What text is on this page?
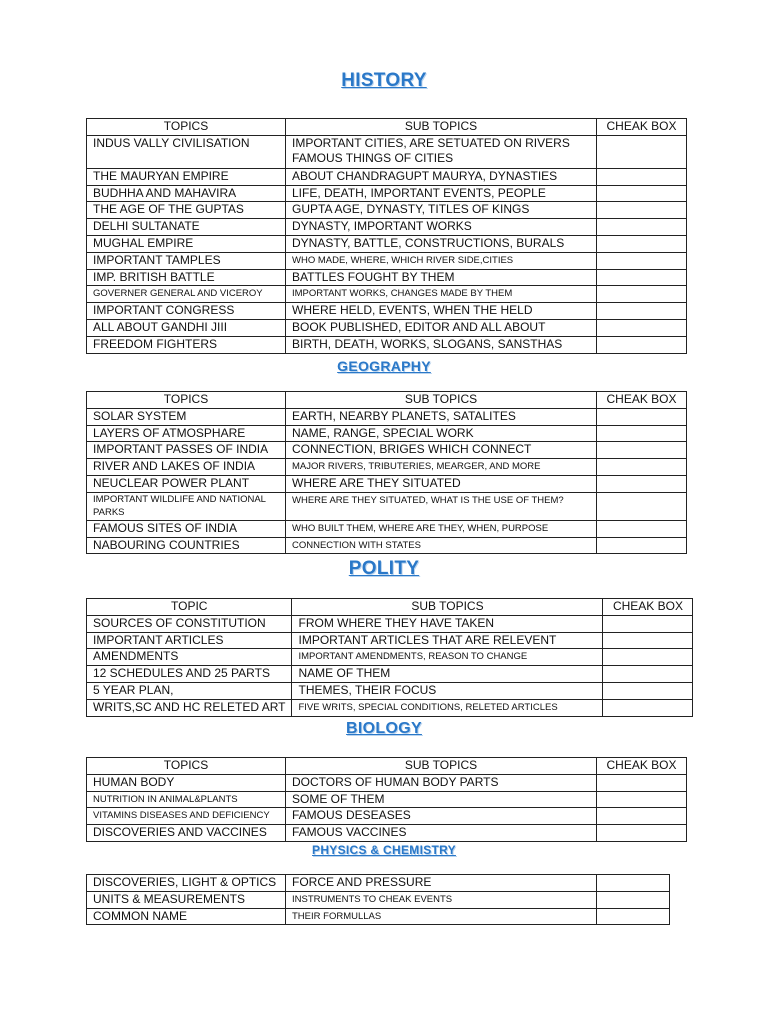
HISTORY
TOPICS	SUB TOPICS	CHEAK BOX
INDUS VALLY CIVILISATION	IMPORTANT CITIES, ARE SETUATED ON RIVERS
FAMOUS THINGS OF CITIES	

THE MAURYAN EMPIRE	ABOUT CHANDRAGUPT MAURYA, DYNASTIES	
BUDHHA AND MAHAVIRA	LIFE, DEATH, IMPORTANT EVENTS, PEOPLE	
THE AGE OF THE GUPTAS	GUPTA AGE, DYNASTY, TITLES OF KINGS	
DELHI SULTANATE	DYNASTY, IMPORTANT WORKS	
MUGHAL EMPIRE	DYNASTY, BATTLE, CONSTRUCTIONS, BURALS	
IMPORTANT TAMPLES	WHO MADE, WHERE, WHICH RIVER SIDE,CITIES	
IMP. BRITISH BATTLE	BATTLES FOUGHT BY THEM	
GOVERNER GENERAL AND VICEROY	IMPORTANT WORKS, CHANGES MADE BY THEM	
IMPORTANT CONGRESS	WHERE HELD, EVENTS, WHEN THE HELD	
ALL ABOUT GANDHI JIII	BOOK PUBLISHED, EDITOR AND ALL ABOUT	
FREEDOM FIGHTERS	BIRTH, DEATH, WORKS, SLOGANS, SANSTHAS	
GEOGRAPHY
TOPICS	SUB TOPICS	CHEAK BOX
SOLAR SYSTEM	EARTH, NEARBY PLANETS, SATALITES	
LAYERS OF ATMOSPHARE	NAME, RANGE, SPECIAL WORK	
IMPORTANT PASSES OF INDIA	CONNECTION, BRIGES WHICH CONNECT	
RIVER AND LAKES OF INDIA	MAJOR RIVERS, TRIBUTERIES, MEARGER, AND MORE	
NEUCLEAR POWER PLANT	WHERE ARE THEY SITUATED	
IMPORTANT WILDLIFE AND NATIONAL PARKS	WHERE ARE THEY SITUATED, WHAT IS THE USE OF THEM?	
FAMOUS SITES OF INDIA	WHO BUILT THEM, WHERE ARE THEY, WHEN, PURPOSE	
NABOURING COUNTRIES	CONNECTION WITH STATES	
POLITY
TOPIC	SUB TOPICS	CHEAK BOX
SOURCES OF CONSTITUTION	FROM WHERE THEY HAVE TAKEN	
IMPORTANT ARTICLES	IMPORTANT ARTICLES THAT ARE RELEVENT	
AMENDMENTS	IMPORTANT AMENDMENTS, REASON TO CHANGE	
12 SCHEDULES AND 25 PARTS	NAME OF THEM	
5 YEAR PLAN,	THEMES, THEIR FOCUS	
WRITS,SC AND HC RELETED ART	FIVE WRITS, SPECIAL CONDITIONS, RELETED ARTICLES	
BIOLOGY
TOPICS	SUB TOPICS	CHEAK BOX
HUMAN BODY	DOCTORS OF HUMAN BODY PARTS	
NUTRITION IN ANIMAL&PLANTS	SOME OF THEM	
VITAMINS DISEASES AND DEFICIENCY	FAMOUS DESEASES	
DISCOVERIES AND VACCINES	FAMOUS VACCINES	
PHYSICS & CHEMISTRY
DISCOVERIES, LIGHT & OPTICS	FORCE AND PRESSURE	
UNITS & MEASUREMENTS	INSTRUMENTS TO CHEAK EVENTS	
COMMON NAME	THEIR FORMULLAS	
